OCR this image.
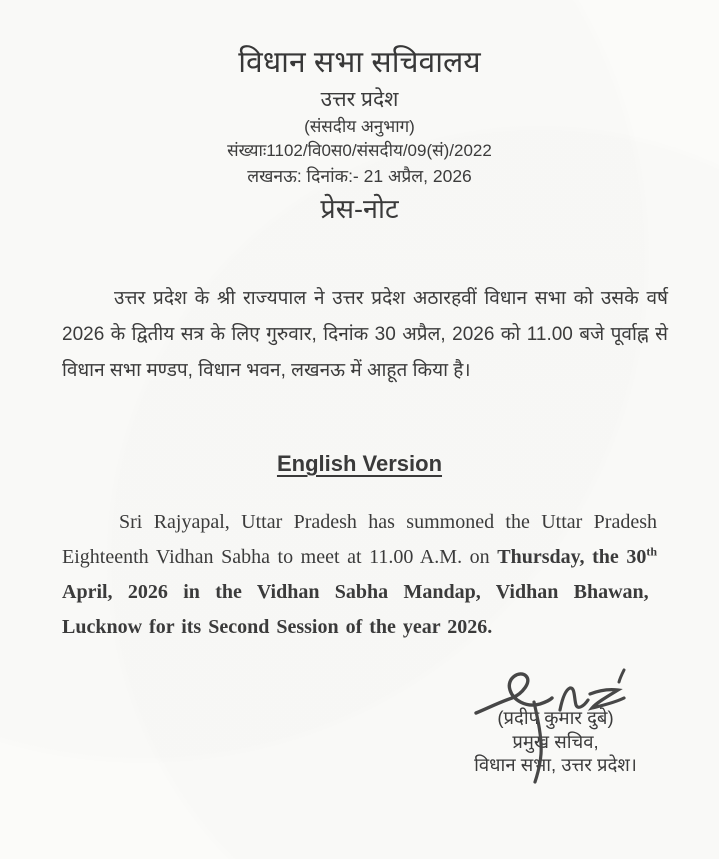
विधान सभा सचिवालय
उत्तर प्रदेश
(संसदीय अनुभाग)
संख्याः1102/वि0स0/संसदीय/09(सं)/2022
लखनऊ: दिनांक:- 21 अप्रैल, 2026
प्रेस-नोट

उत्तर प्रदेश के श्री राज्यपाल ने उत्तर प्रदेश अठारहवीं विधान सभा को उसके वर्ष 2026 के द्वितीय सत्र के लिए गुरुवार, दिनांक 30 अप्रैल, 2026 को 11.00 बजे पूर्वाह्न से विधान सभा मण्डप, विधान भवन, लखनऊ में आहूत किया है।

English Version

Sri Rajyapal, Uttar Pradesh has summoned the Uttar Pradesh Eighteenth Vidhan Sabha to meet at 11.00 A.M. on Thursday, the 30th April, 2026 in the Vidhan Sabha Mandap, Vidhan Bhawan, Lucknow for its Second Session of the year 2026.

(प्रदीप कुमार दुबे)
प्रमुख सचिव,
विधान सभा, उत्तर प्रदेश।
